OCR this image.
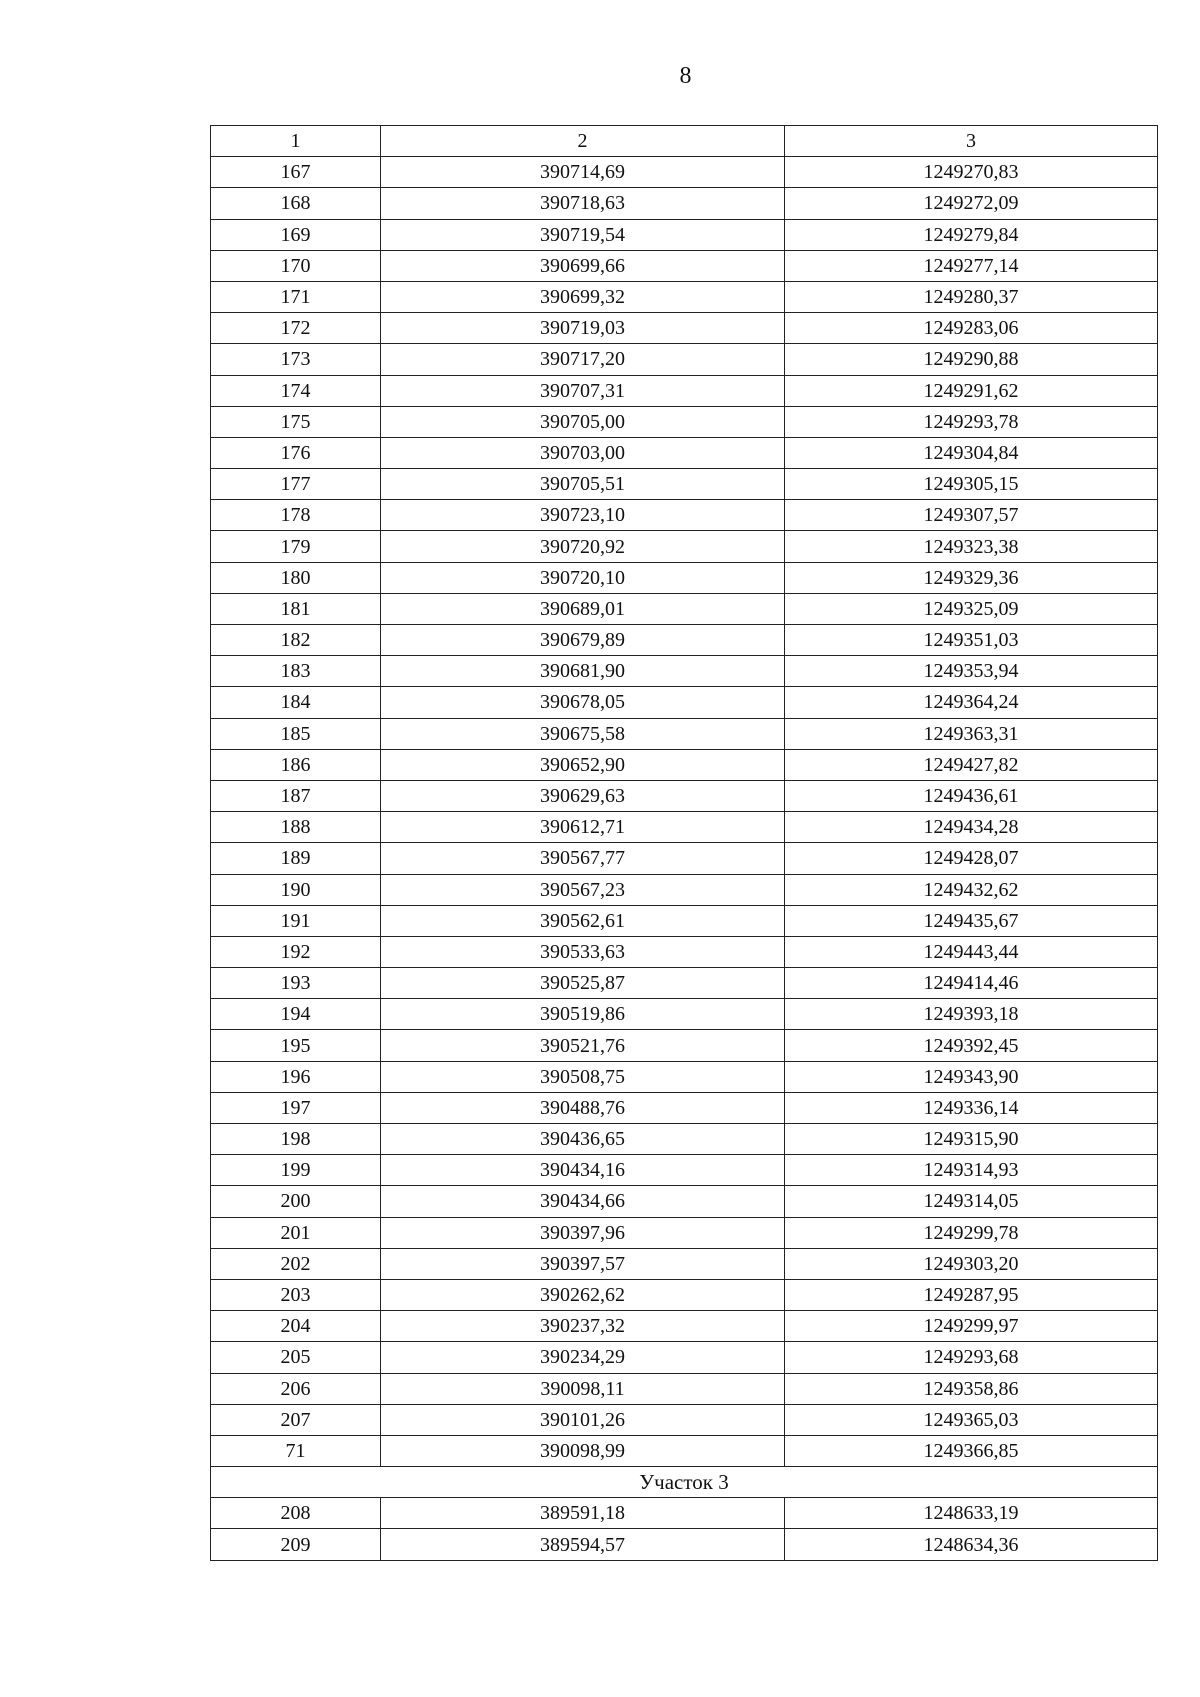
8
1	2	3
167	390714,69	1249270,83
168	390718,63	1249272,09
169	390719,54	1249279,84
170	390699,66	1249277,14
171	390699,32	1249280,37
172	390719,03	1249283,06
173	390717,20	1249290,88
174	390707,31	1249291,62
175	390705,00	1249293,78
176	390703,00	1249304,84
177	390705,51	1249305,15
178	390723,10	1249307,57
179	390720,92	1249323,38
180	390720,10	1249329,36
181	390689,01	1249325,09
182	390679,89	1249351,03
183	390681,90	1249353,94
184	390678,05	1249364,24
185	390675,58	1249363,31
186	390652,90	1249427,82
187	390629,63	1249436,61
188	390612,71	1249434,28
189	390567,77	1249428,07
190	390567,23	1249432,62
191	390562,61	1249435,67
192	390533,63	1249443,44
193	390525,87	1249414,46
194	390519,86	1249393,18
195	390521,76	1249392,45
196	390508,75	1249343,90
197	390488,76	1249336,14
198	390436,65	1249315,90
199	390434,16	1249314,93
200	390434,66	1249314,05
201	390397,96	1249299,78
202	390397,57	1249303,20
203	390262,62	1249287,95
204	390237,32	1249299,97
205	390234,29	1249293,68
206	390098,11	1249358,86
207	390101,26	1249365,03
71	390098,99	1249366,85
Участок 3		
208	389591,18	1248633,19
209	389594,57	1248634,36
